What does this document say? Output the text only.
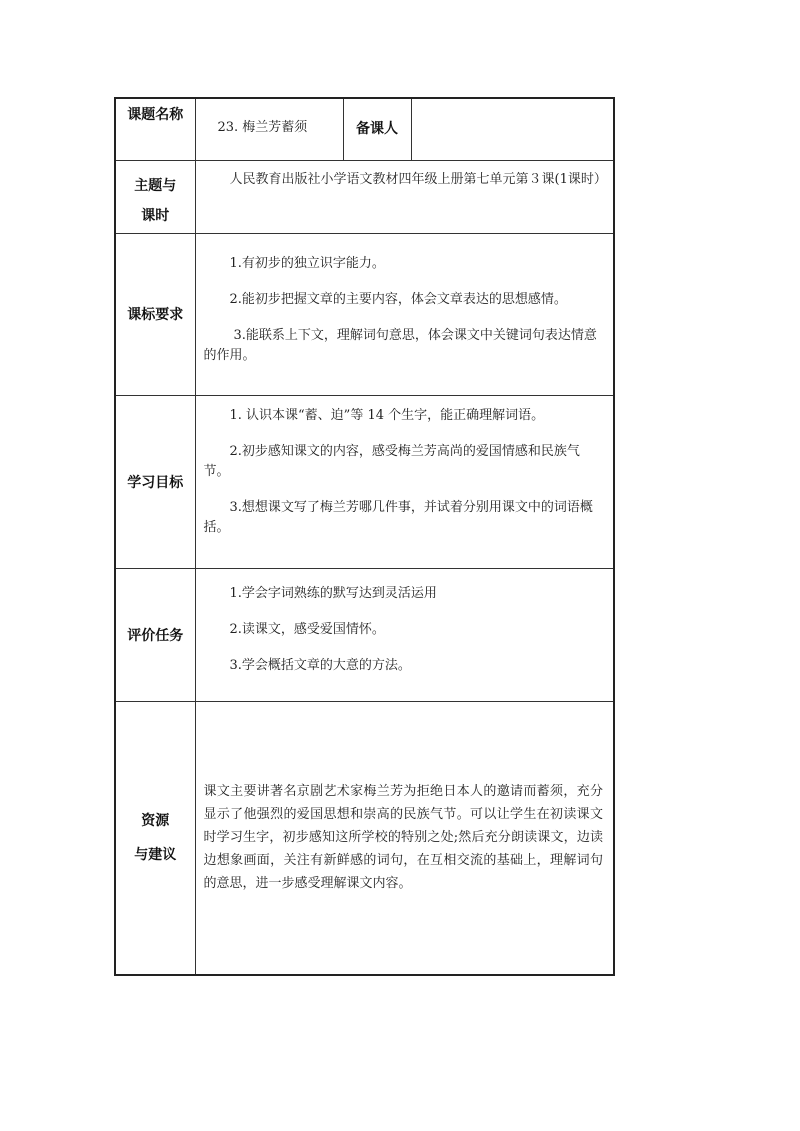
课题名称	23. 梅兰芳蓄须	备课人	

主题与
课时	人民教育出版社小学语文教材四年级上册第七单元第３课(1课时）		

课标要求	1.有初步的独立识字能力。

2.能初步把握文章的主要内容，体会文章表达的思想感情。

3.能联系上下文，理解词句意思，体会课文中关键词句表达情意的作用。		

学习目标	1. 认识本课“蓄、迫”等 14 个生字，能正确理解词语。

2.初步感知课文的内容，感受梅兰芳高尚的爱国情感和民族气节。

3.想想课文写了梅兰芳哪几件事，并试着分别用课文中的词语概括。		

评价任务	1.学会字词熟练的默写达到灵活运用

2.读课文，感受爱国情怀。

3.学会概括文章的大意的方法。		

资源
与建议	课文主要讲著名京剧艺术家梅兰芳为拒绝日本人的邀请而蓄须，充分显示了他强烈的爱国思想和崇高的民族气节。可以让学生在初读课文时学习生字，初步感知这所学校的特别之处;然后充分朗读课文，边读边想象画面，关注有新鲜感的词句，在互相交流的基础上，理解词句的意思，进一步感受理解课文内容。		
